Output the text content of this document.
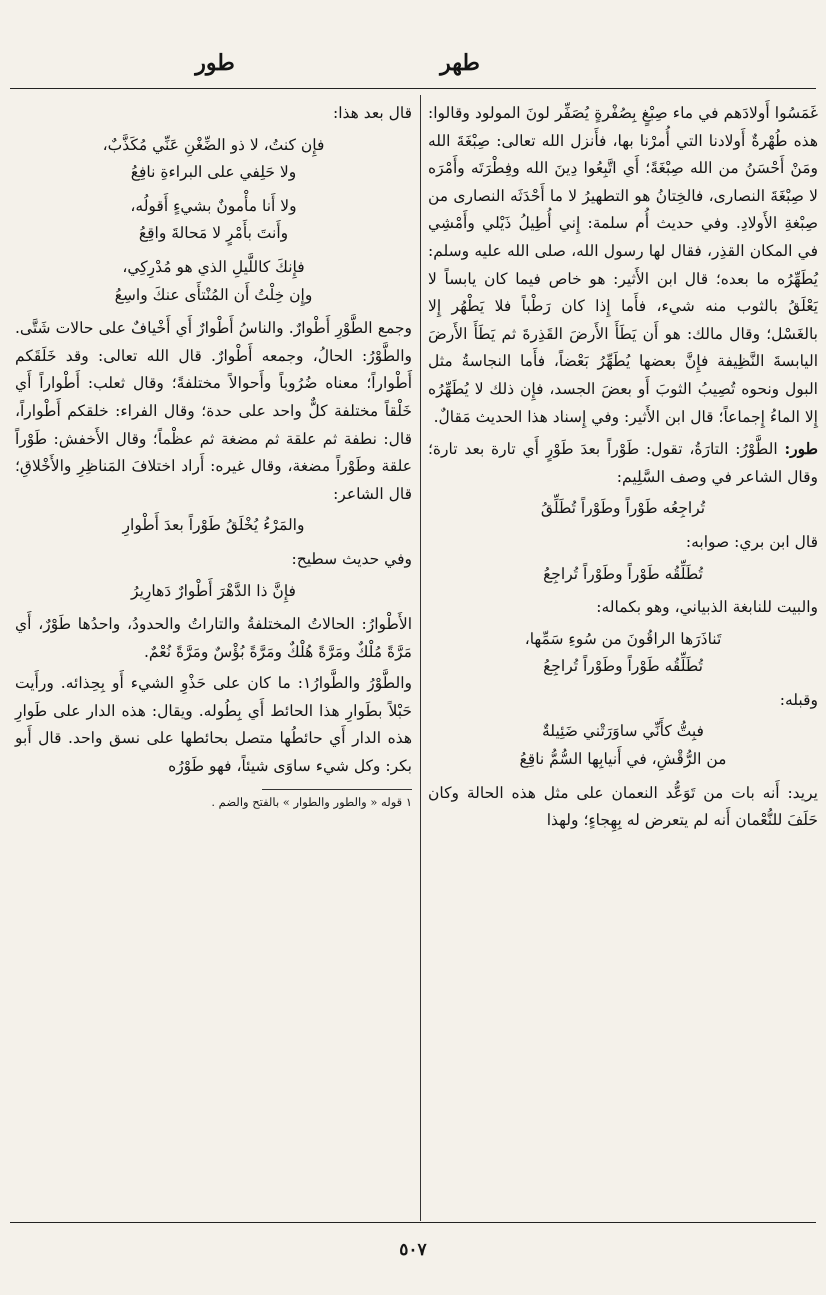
طهر
طور

غَمَسُوا أَولادَهم في ماء صِبْغٍ بِصُفْرةٍ يُصَفِّر لونَ المولود وقالوا: هذه طُهْرةٌ أَولادنا التي أُمرْنا بها، فأَنزل الله تعالى: صِبْغَةَ الله ومَنْ أَحْسَنُ من الله صِبْغَةً؛ أَي اتَّبِعُوا دِينَ الله وفِطْرَتَه وأَمْرَه لا صِبْغَةَ النصارى، فالخِتانُ هو التطهيرُ لا ما أَحْدَثَه النصارى من صِبْغةِ الأَولادِ. وفي حديث أُم سلمة: إِني أُطِيلُ ذَيْلي وأَمْشِي في المكان القذِر، فقال لها رسول الله، صلى الله عليه وسلم: يُطَهِّرُه ما بعده؛ قال ابن الأَثير: هو خاص فيما كان يابساً لا يَعْلَقُ بالثوب منه شيء، فأَما إِذا كان رَطْباً فلا يَطْهُر إِلا بالغَسْل؛ وقال مالك: هو أَن يَطَأَ الأَرضَ القَذِرةَ ثم يَطَأَ الأَرضَ اليابسةَ النَّظِيفة فإِنَّ بعضها يُطَهِّرُ بَعْضاً، فأَما النجاسةُ مثل البول ونحوه تُصِيبُ الثوبَ أَو بعضَ الجسد، فإِن ذلك لا يُطَهِّرُه إِلا الماءُ إِجماعاً؛ قال ابن الأَثير: وفي إِسناد هذا الحديث مَقالٌ.

طور: الطَّوْرُ: التارَةُ، تقول: طَوْراً بعدَ طَوْرٍ أَي تارة بعد تارة؛ وقال الشاعر في وصف السَّلِيم:

تُراجِعُه طَوْراً وطَوْراً تُطَلِّقُ

قال ابن بري: صوابه:

تُطَلِّقُه طَوْراً وطَوْراً تُراجِعُ

والبيت للنابغة الذبياني، وهو بكماله:

تَناذَرَها الراقُونَ من سُوءِ سَمِّها،
تُطَلِّقُه طَوْراً وطَوْراً تُراجِعُ

وقبله:

فبِتُّ كأَنِّي ساوَرَتْني ضَئِيلةٌ
من الرُّقْشِ، في أَنيابِها السُّمُّ ناقِعُ

يريد: أَنه بات من تَوَعُّد النعمان على مثل هذه الحالة وكان حَلَفَ للنُّعْمان أَنه لم يتعرض له بِهِجاءٍ؛ ولهذا

قال بعد هذا:

فإِن كنتُ، لا ذو الضِّغْنِ عَنِّي مُكَذَّبٌ،
ولا حَلِفي على البراءةِ نافِعُ
ولا أَنا مأْمونٌ بشيءٍ أَقولُه،
وأَنتَ بأَمْرٍ لا مَحالةَ واقِعُ
فإِنكَ كاللَّيلِ الذي هو مُدْرِكِي،
وإِن خِلْتُ أَن المُنْتأَى عنكَ واسِعُ

وجمع الطَّوْرِ أَطْوارٌ. والناسُ أَطْوارٌ أَي أَخْيافٌ على حالات شَتَّى. والطَّوْرُ: الحالُ، وجمعه أَطْوارٌ. قال الله تعالى: وقد خَلَقَكم أَطْواراً؛ معناه ضُرُوباً وأَحوالاً مختلفةً؛ وقال ثعلب: أَطْواراً أَي خَلْقاً مختلفة كلٌّ واحد على حدة؛ وقال الفراء: خلقكم أَطْواراً، قال: نطفة ثم علقة ثم مضغة ثم عظْماً؛ وقال الأَخفش: طَوْراً علقة وطَوْراً مضغة، وقال غيره: أَراد اختلافَ المَناظِرِ والأَخْلاقِ؛ قال الشاعر:

والمَرْءُ يُخْلَقُ طَوْراً بعدَ أَطْوارِ

وفي حديث سطيح:

فإِنَّ ذا الدَّهْرَ أَطْوارٌ دَهارِيرُ

الأَطْوارُ: الحالاتُ المختلفةُ والتاراتُ والحدودُ، واحدُها طَوْرٌ، أَي مَرَّةً مُلْكٌ ومَرَّةً هُلْكٌ ومَرَّةً بُؤْسٌ ومَرَّةً نُعْمٌ.

والطَّوْرُ والطَّوارُ١: ما كان على حَذْوِ الشيء أَو بِحِذائه. ورأَيت حَبْلاً بطَوارِ هذا الحائط أَي بِطُوله. ويقال: هذه الدار على طَوارِ هذه الدار أَي حائطُها متصل بحائطها على نسق واحد. قال أَبو بكر: وكل شيء ساوَى شيئاً، فهو طَوْرُه

١ قوله « والطور والطوار » بالفتح والضم .
٥٠٧
